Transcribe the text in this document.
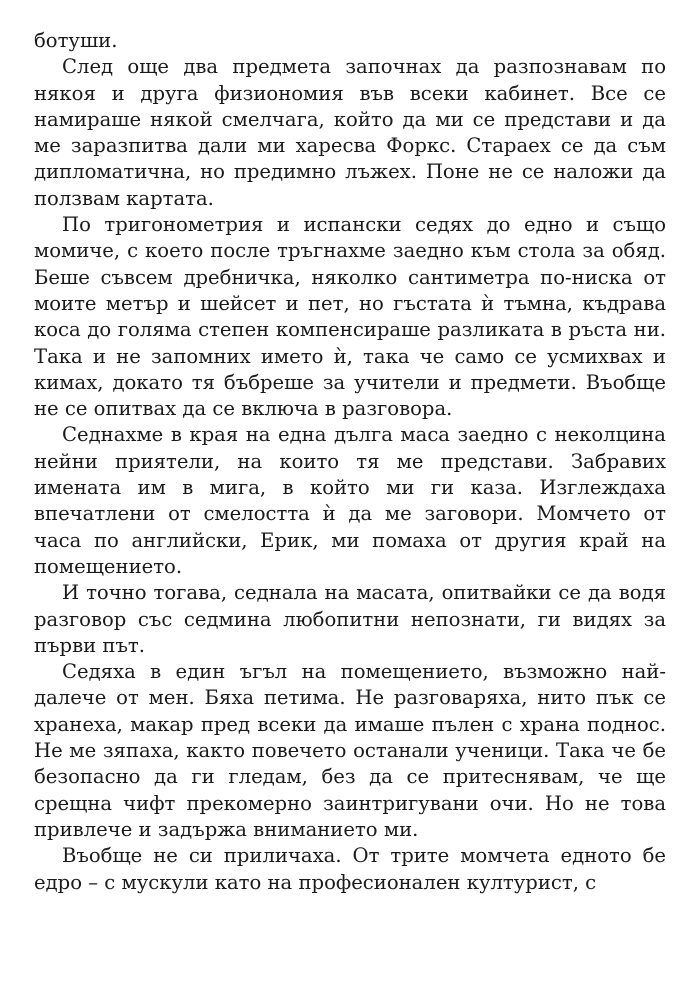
ботуши.

След още два предмета започнах да разпознавам по някоя и друга физиономия във всеки кабинет. Все се намираше някой смелчага, който да ми се представи и да ме заразпитва дали ми харесва Форкс. Стараех се да съм дипломатична, но предимно лъжех. Поне не се наложи да ползвам картата.

По тригонометрия и испански седях до едно и също момиче, с което после тръгнахме заедно към стола за обяд. Беше съвсем дребничка, няколко сантиметра по-ниска от моите метър и шейсет и пет, но гъстата ѝ тъмна, къдрава коса до голяма степен компенсираше разликата в ръста ни. Така и не запомних името ѝ, така че само се усмихвах и кимах, докато тя бъбреше за учители и предмети. Въобще не се опитвах да се включа в разговора.

Седнахме в края на една дълга маса заедно с неколцина нейни приятели, на които тя ме представи. Забравих имената им в мига, в който ми ги каза. Изглеждаха впечатлени от смелостта ѝ да ме заговори. Момчето от часа по английски, Ерик, ми помаха от другия край на помещението.

И точно тогава, седнала на масата, опитвайки се да водя разговор със седмина любопитни непознати, ги видях за първи път.

Седяха в един ъгъл на помещението, възможно най-далече от мен. Бяха петима. Не разговаряха, нито пък се хранеха, макар пред всеки да имаше пълен с храна поднос. Не ме зяпаха, както повечето останали ученици. Така че бе безопасно да ги гледам, без да се притеснявам, че ще срещна чифт прекомерно заинтригувани очи. Но не това привлече и задържа вниманието ми.

Въобще не си приличаха. От трите момчета едното бе едро – с мускули като на професионален културист, с
